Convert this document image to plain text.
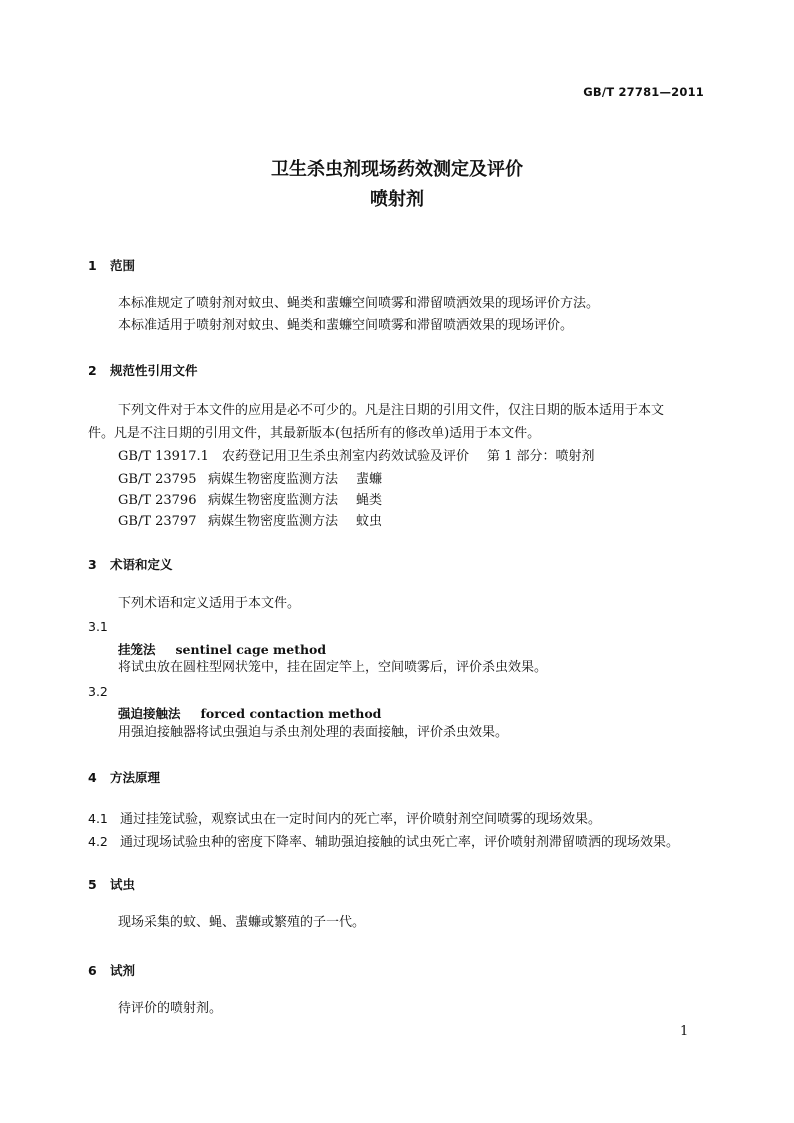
GB/T 27781—2011
卫生杀虫剂现场药效测定及评价
喷射剂
1 范围
本标准规定了喷射剂对蚊虫、蝇类和蜚蠊空间喷雾和滞留喷洒效果的现场评价方法。
本标准适用于喷射剂对蚊虫、蝇类和蜚蠊空间喷雾和滞留喷洒效果的现场评价。
2 规范性引用文件
下列文件对于本文件的应用是必不可少的。凡是注日期的引用文件，仅注日期的版本适用于本文
件。凡是不注日期的引用文件，其最新版本(包括所有的修改单)适用于本文件。
GB/T 13917.1 农药登记用卫生杀虫剂室内药效试验及评价 第 1 部分：喷射剂
GB/T 23795 病媒生物密度监测方法 蜚蠊
GB/T 23796 病媒生物密度监测方法 蝇类
GB/T 23797 病媒生物密度监测方法 蚊虫
3 术语和定义
下列术语和定义适用于本文件。
3.1
挂笼法 sentinel cage method
将试虫放在圆柱型网状笼中，挂在固定竿上，空间喷雾后，评价杀虫效果。
3.2
强迫接触法 forced contaction method
用强迫接触器将试虫强迫与杀虫剂处理的表面接触，评价杀虫效果。
4 方法原理
4.1 通过挂笼试验，观察试虫在一定时间内的死亡率，评价喷射剂空间喷雾的现场效果。
4.2 通过现场试验虫种的密度下降率、辅助强迫接触的试虫死亡率，评价喷射剂滞留喷洒的现场效果。
5 试虫
现场采集的蚊、蝇、蜚蠊或繁殖的子一代。
6 试剂
待评价的喷射剂。
1
